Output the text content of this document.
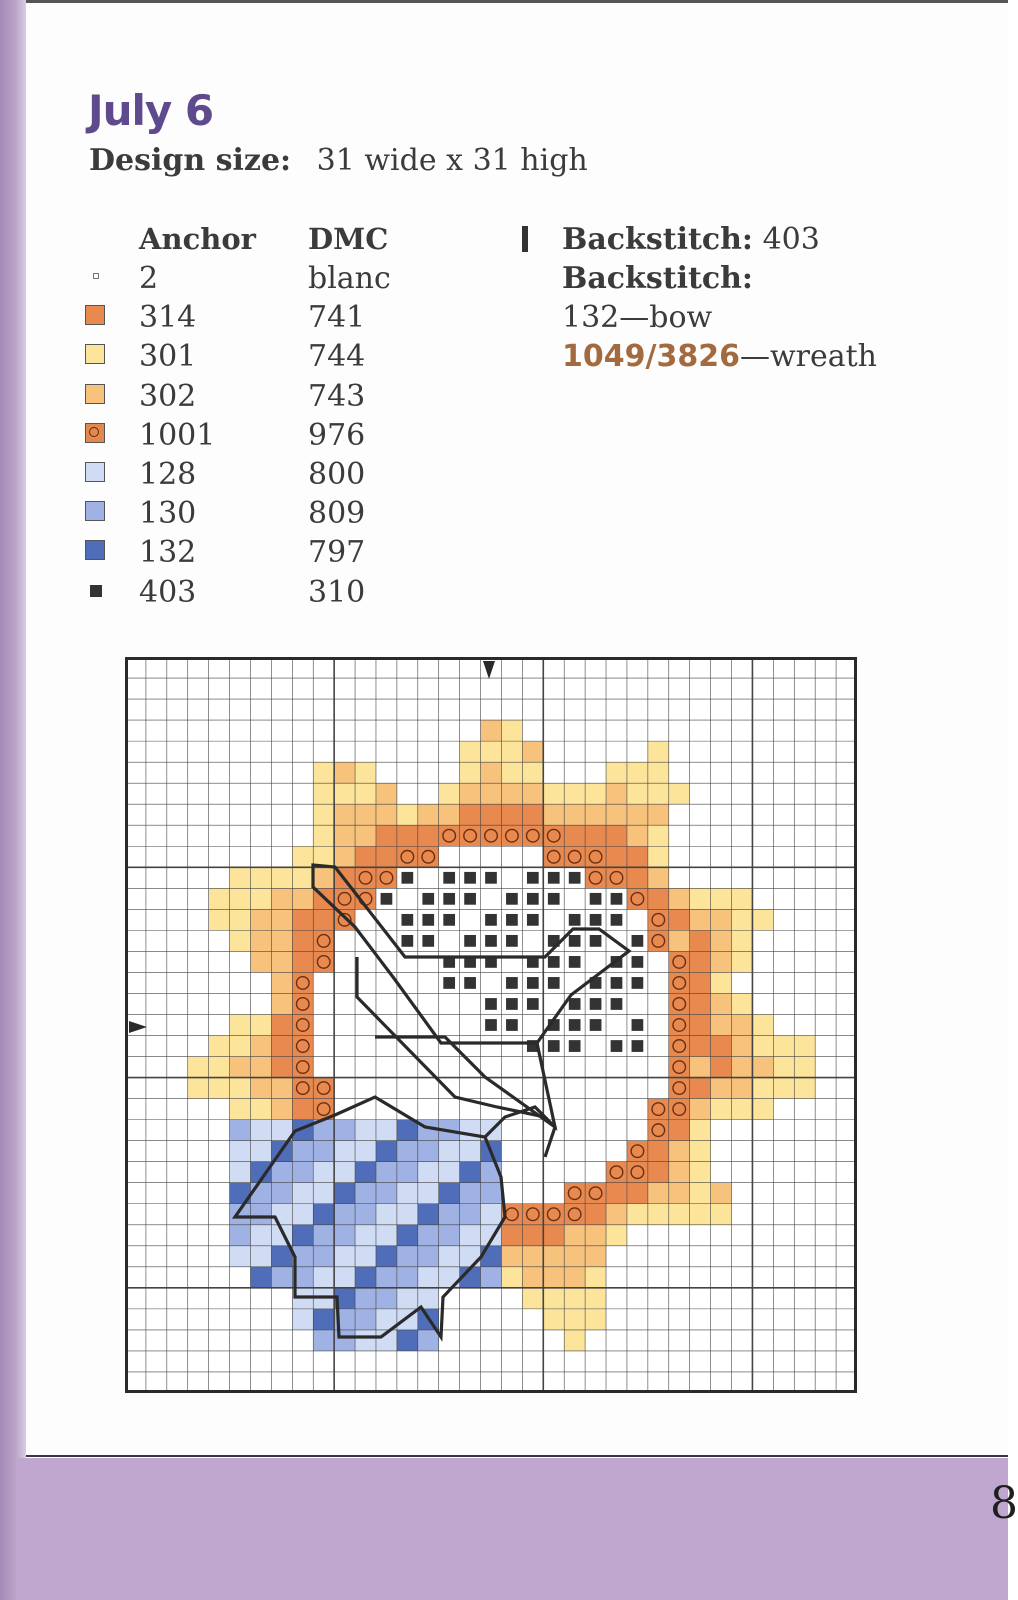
8
July 6
Design size: 31 wide x 31 high
Anchor DMC
2	blanc
314	741
301	744
302	743
1001	976
128	800
130	809
132	797
403	310
Backstitch: 403
Backstitch:
132—bow
1049/3826—wreath
